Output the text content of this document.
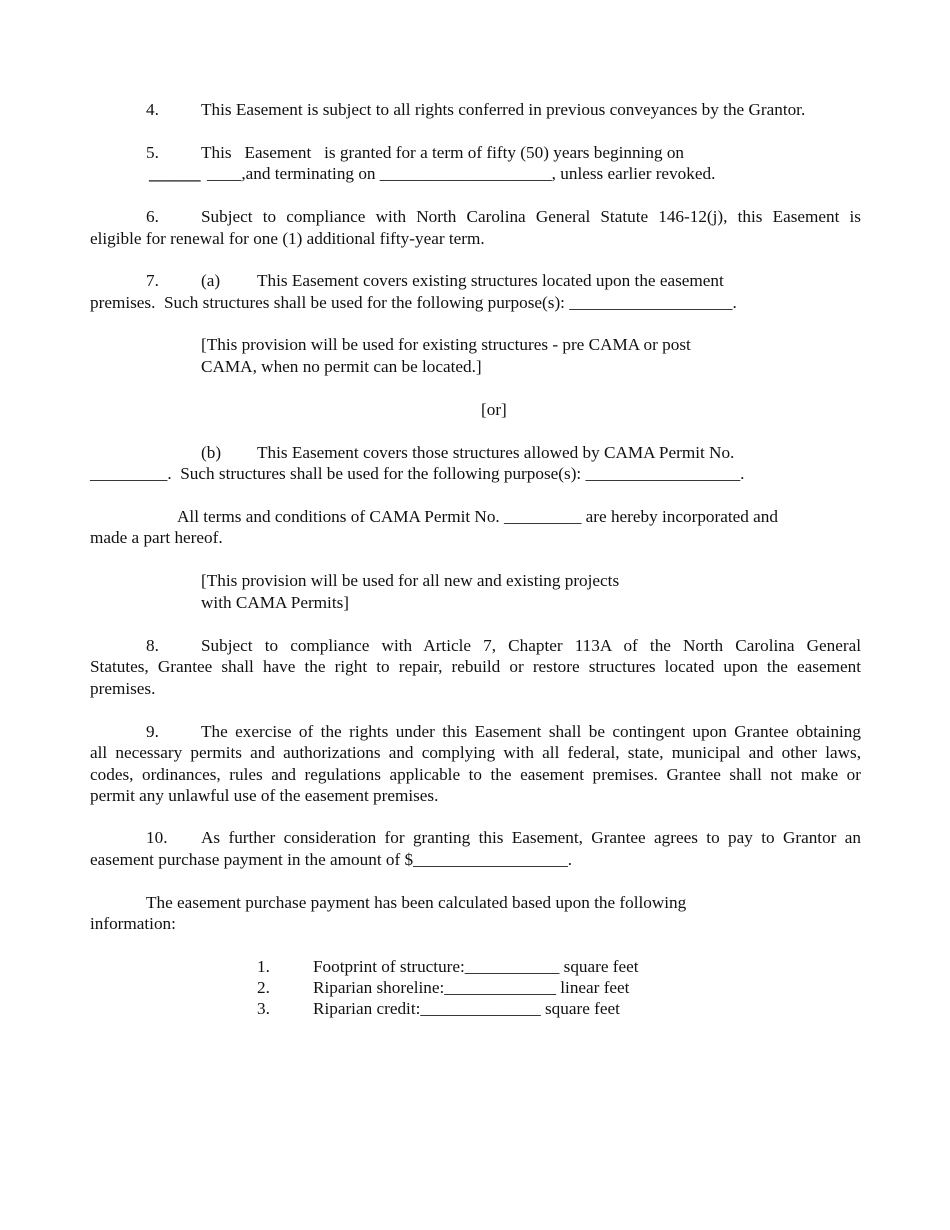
4. This Easement is subject to all rights conferred in previous conveyances by the Grantor.
5. This   Easement   is granted for a term of fifty (50) years beginning on
______ ____,and terminating on ____________________, unless earlier revoked.
6. Subject to compliance with North Carolina General Statute 146-12(j), this Easement is
eligible for renewal for one (1) additional fifty-year term.
7. (a) This Easement covers existing structures located upon the easement
premises.  Such structures shall be used for the following purpose(s): ___________________.
[This provision will be used for existing structures - pre CAMA or post
CAMA, when no permit can be located.]
[or]
(b) This Easement covers those structures allowed by CAMA Permit No.
_________.  Such structures shall be used for the following purpose(s): __________________.
All terms and conditions of CAMA Permit No. _________ are hereby incorporated and
made a part hereof.
[This provision will be used for all new and existing projects
with CAMA Permits]
8. Subject to compliance with Article 7, Chapter 113A of the North Carolina General
Statutes, Grantee shall have the right to repair, rebuild or restore structures located upon the easement
premises.
9. The exercise of the rights under this Easement shall be contingent upon Grantee obtaining
all necessary permits and authorizations and complying with all federal, state, municipal and other laws,
codes, ordinances, rules and regulations applicable to the easement premises. Grantee shall not make or
permit any unlawful use of the easement premises.
10. As further consideration for granting this Easement, Grantee agrees to pay to Grantor an
easement purchase payment in the amount of $__________________.
The easement purchase payment has been calculated based upon the following
information:
1.	Footprint of structure:___________ square feet
2.	Riparian shoreline:_____________ linear feet
3.	Riparian credit:______________ square feet
